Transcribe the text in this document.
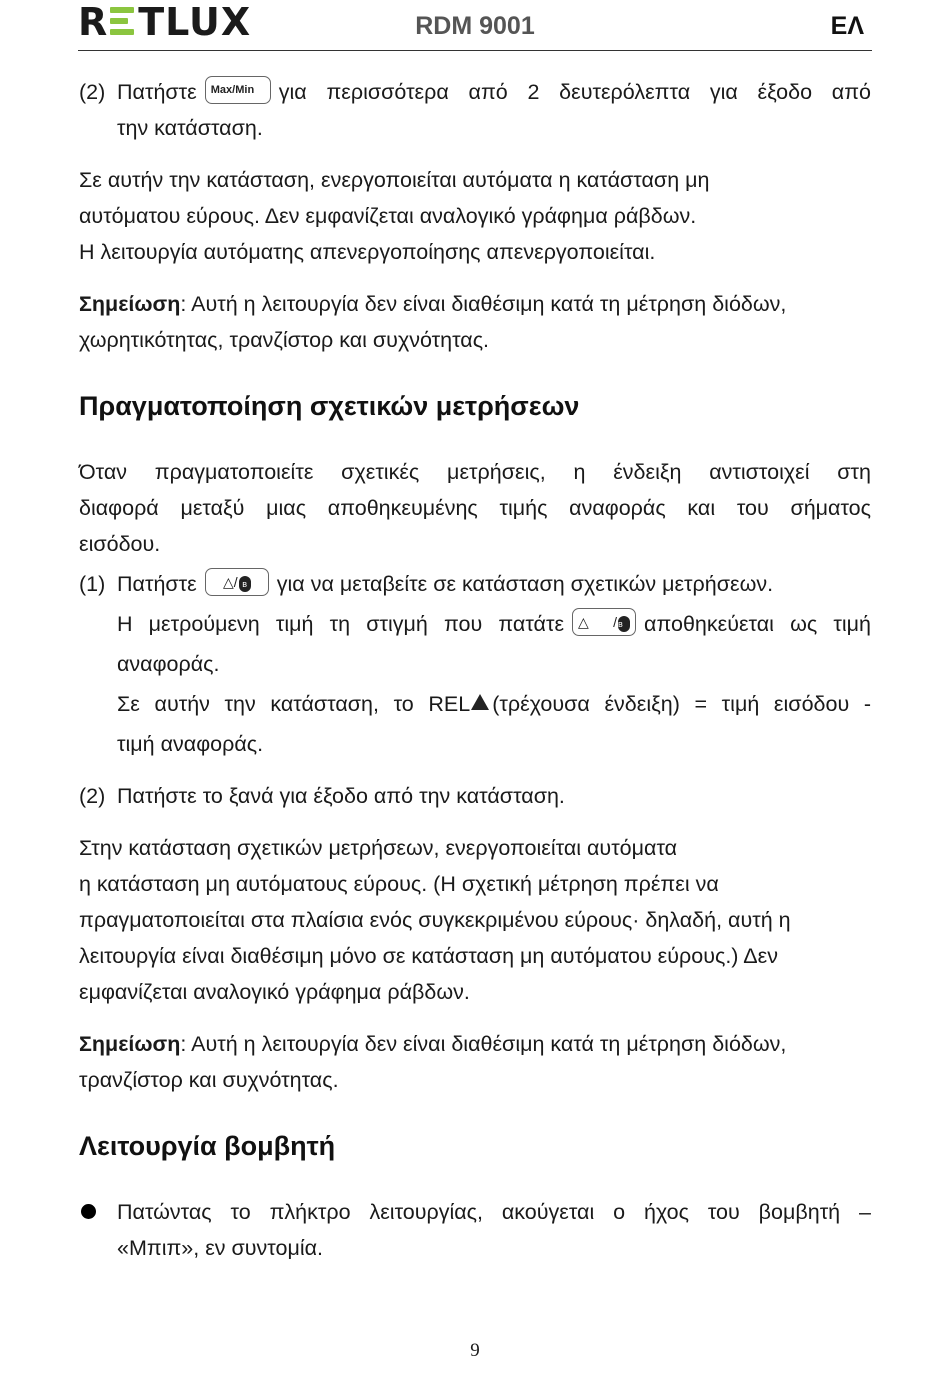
R TLUX	RDM 9001	ΕΛ
(2) Πατήστε Max/Min για περισσότερα από 2 δευτερόλεπτα για έξοδο από

την κατάσταση.

Σε αυτήν την κατάσταση, ενεργοποιείται αυτόματα η κατάσταση μη

αυτόματου εύρους. Δεν εμφανίζεται αναλογικό γράφημα ράβδων.

Η λειτουργία αυτόματης απενεργοποίησης απενεργοποιείται.

Σημείωση: Αυτή η λειτουργία δεν είναι διαθέσιμη κατά τη μέτρηση διόδων,

χωρητικότητας, τρανζίστορ και συχνότητας.

Πραγματοποίηση σχετικών μετρήσεων

Όταν πραγματοποιείτε σχετικές μετρήσεις, η ένδειξη αντιστοιχεί στη

διαφορά μεταξύ μιας αποθηκευμένης τιμής αναφοράς και του σήματος

εισόδου.

(1) Πατήστε △/ ʙ για να μεταβείτε σε κατάσταση σχετικών μετρήσεων.

Η μετρούμενη τιμή τη στιγμή που πατάτε △/ʙ αποθηκεύεται ως τιμή

αναφοράς.

Σε αυτήν την κατάσταση, το REL (τρέχουσα ένδειξη) = τιμή εισόδου -

τιμή αναφοράς.

(2) Πατήστε το ξανά για έξοδο από την κατάσταση.

Στην κατάσταση σχετικών μετρήσεων, ενεργοποιείται αυτόματα

η κατάσταση μη αυτόματους εύρους. (Η σχετική μέτρηση πρέπει να

πραγματοποιείται στα πλαίσια ενός συγκεκριμένου εύρους· δηλαδή, αυτή η

λειτουργία είναι διαθέσιμη μόνο σε κατάσταση μη αυτόματου εύρους.) Δεν

εμφανίζεται αναλογικό γράφημα ράβδων.

Σημείωση: Αυτή η λειτουργία δεν είναι διαθέσιμη κατά τη μέτρηση διόδων,

τρανζίστορ και συχνότητας.

Λειτουργία βομβητή

Πατώντας το πλήκτρο λειτουργίας, ακούγεται ο ήχος του βομβητή –

«Μπιπ», εν συντομία.

9
